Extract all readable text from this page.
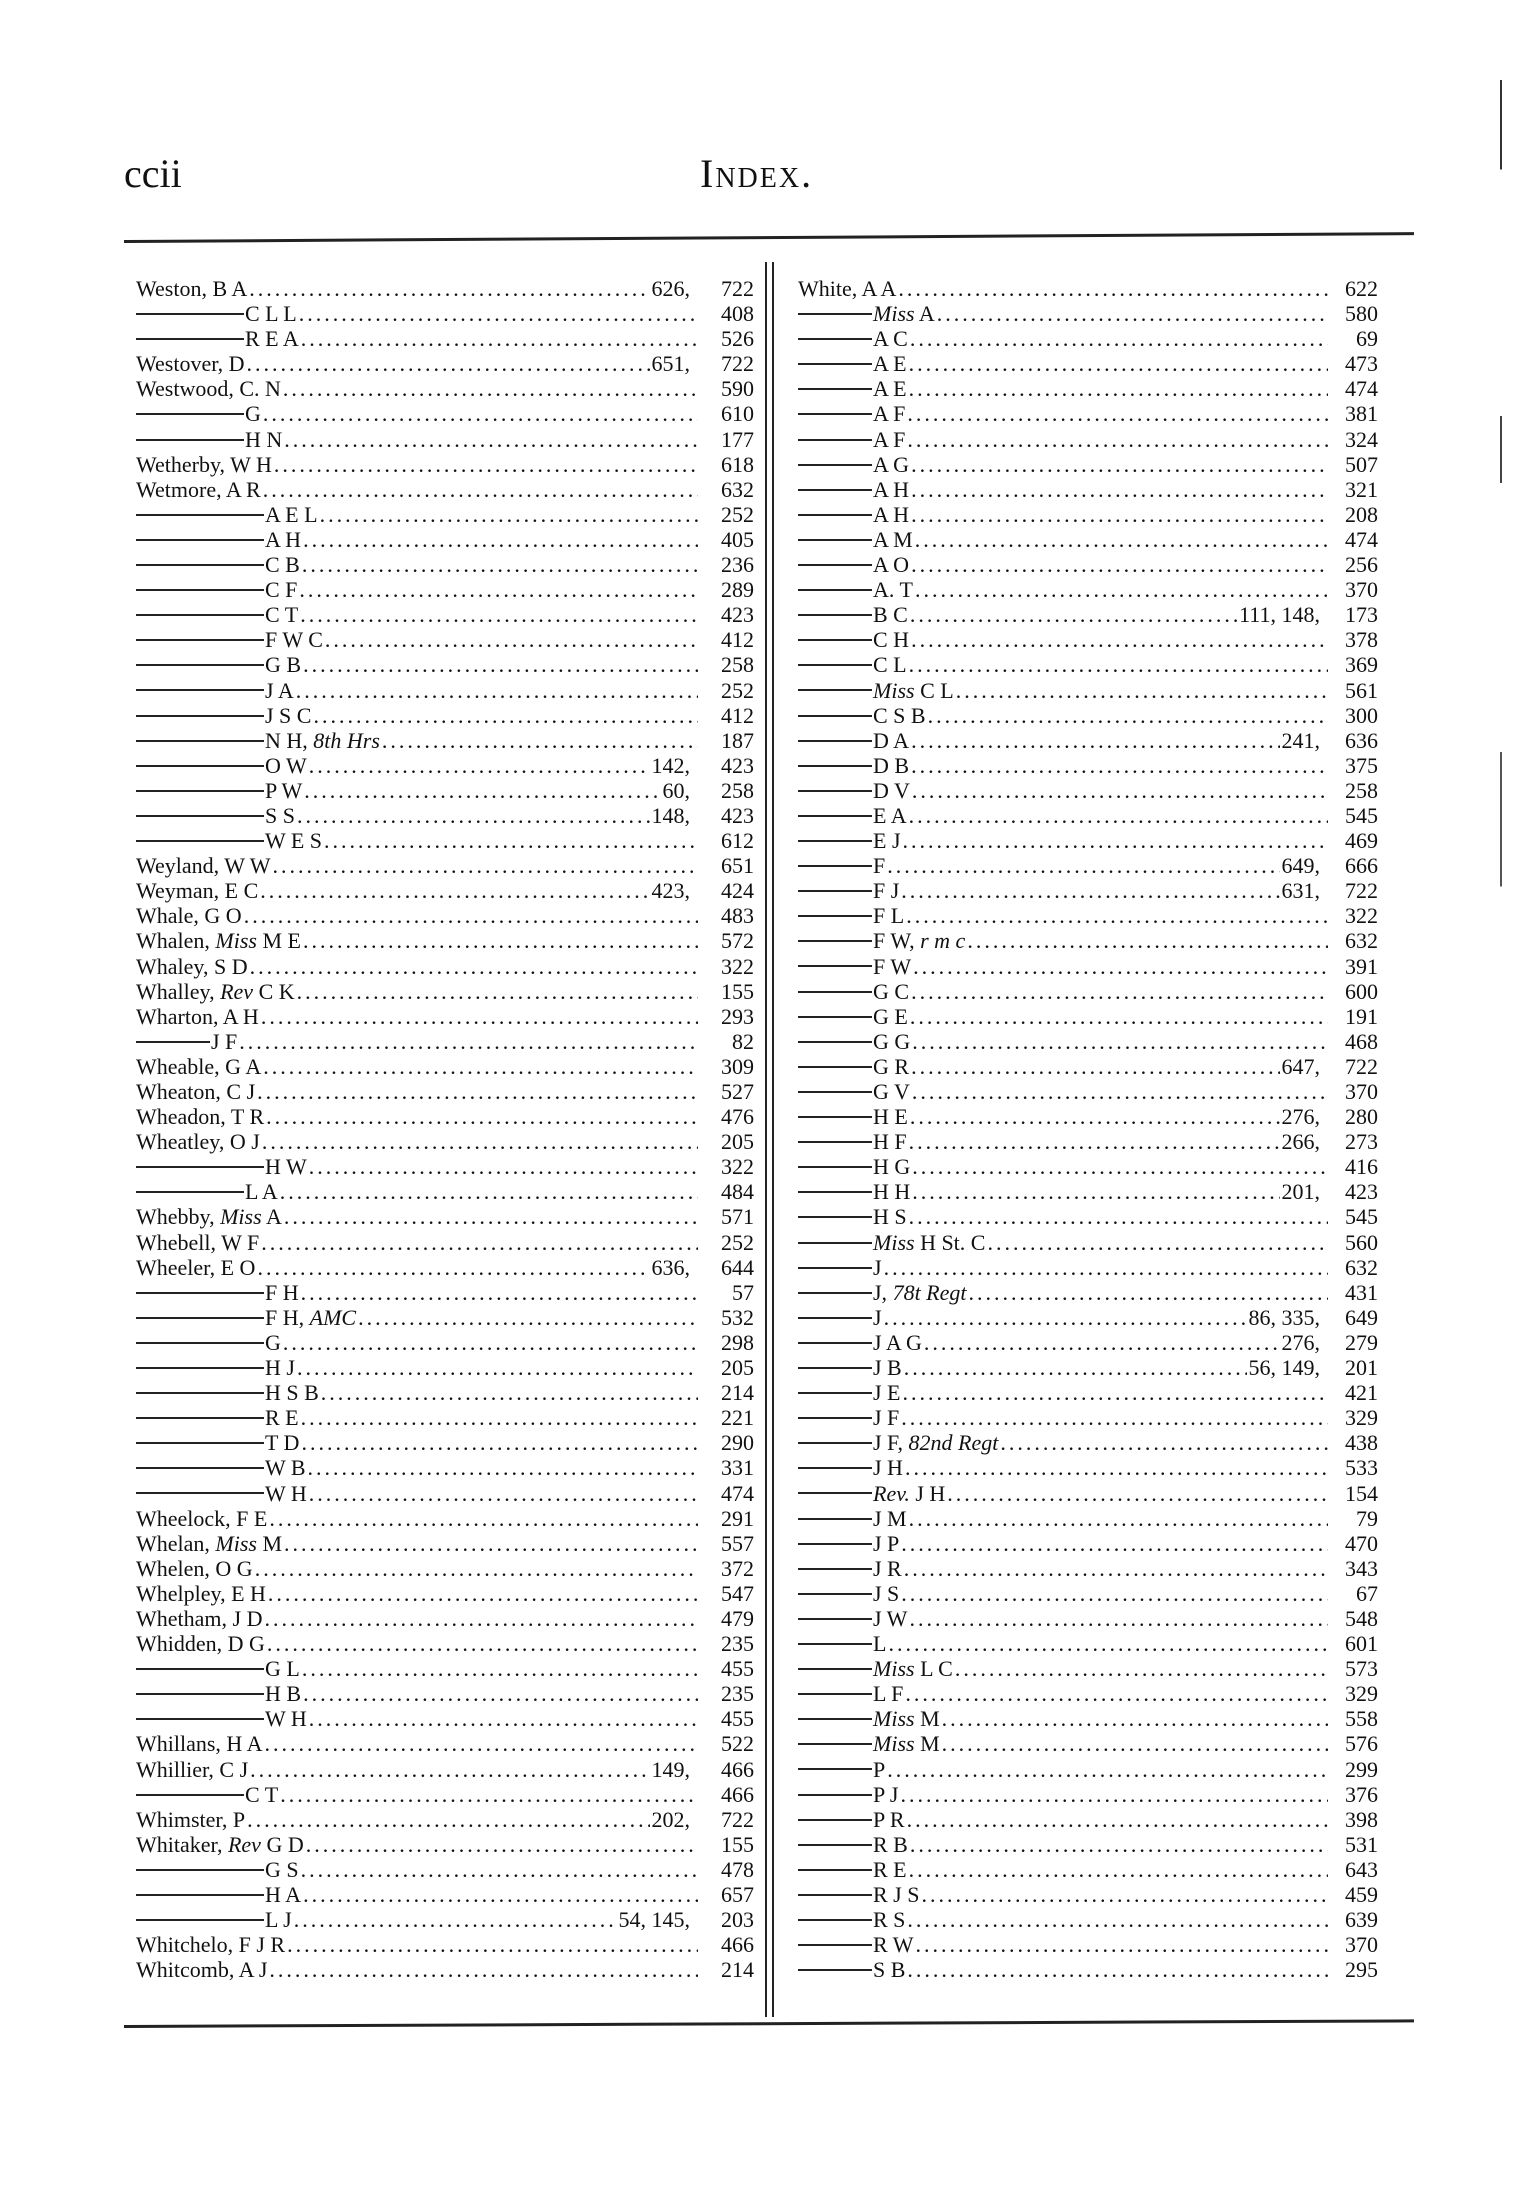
ccii	Index.
Weston, B A .....	626,	722
C L L .....	408
R E A .....	526
Westover, D .....	651,	722
Westwood, C. N .....	590
G .....	610
H N .....	177
Wetherby, W H .....	618
Wetmore, A R .....	632
A E L .....	252
A H .....	405
C B .....	236
C F .....	289
C T .....	423
F W C .....	412
G B .....	258
J A .....	252
J S C .....	412
N H, 8th Hrs .....	187
O W .....	142,	423
P W .....	60,	258
S S .....	148,	423
W E S .....	612
Weyland, W W .....	651
Weyman, E C .....	423,	424
Whale, G O .....	483
Whalen, Miss M E .....	572
Whaley, S D .....	322
Whalley, Rev C K .....	155
Wharton, A H .....	293
J F .....	82
Wheable, G A .....	309
Wheaton, C J .....	527
Wheadon, T R .....	476
Wheatley, O J .....	205
H W .....	322
L A .....	484
Whebby, Miss A .....	571
Whebell, W F .....	252
Wheeler, E O .....	636,	644
F H .....	57
F H, AMC .....	532
G .....	298
H J .....	205
H S B .....	214
R E .....	221
T D .....	290
W B .....	331
W H .....	474
Wheelock, F E .....	291
Whelan, Miss M .....	557
Whelen, O G .....	372
Whelpley, E H .....	547
Whetham, J D .....	479
Whidden, D G .....	235
G L .....	455
H B .....	235
W H .....	455
Whillans, H A .....	522
Whillier, C J .....	149,	466
C T .....	466
Whimster, P .....	202,	722
Whitaker, Rev G D .....	155
G S .....	478
H A .....	657
L J .....	54, 145,	203
Whitchelo, F J R .....	466
Whitcomb, A J .....	214
White, A A .....	622
Miss A .....	580
A C .....	69
A E .....	473
A E .....	474
A F .....	381
A F .....	324
A G .....	507
A H .....	321
A H .....	208
A M .....	474
A O .....	256
A. T .....	370
B C .....	111, 148,	173
C H .....	378
C L .....	369
Miss C L .....	561
C S B .....	300
D A .....	241,	636
D B .....	375
D V .....	258
E A .....	545
E J .....	469
F .....	649,	666
F J .....	631,	722
F L .....	322
F W, r m c .....	632
F W .....	391
G C .....	600
G E .....	191
G G .....	468
G R .....	647,	722
G V .....	370
H E .....	276,	280
H F .....	266,	273
H G .....	416
H H .....	201,	423
H S .....	545
Miss H St. C .....	560
J .....	632
J, 78t Regt .....	431
J .....	86, 335,	649
J A G .....	276,	279
J B .....	56, 149,	201
J E .....	421
J F .....	329
J F, 82nd Regt .....	438
J H .....	533
Rev. J H .....	154
J M .....	79
J P .....	470
J R .....	343
J S .....	67
J W .....	548
L .....	601
Miss L C .....	573
L F .....	329
Miss M .....	558
Miss M .....	576
P .....	299
P J .....	376
P R .....	398
R B .....	531
R E .....	643
R J S .....	459
R S .....	639
R W .....	370
S B .....	295
